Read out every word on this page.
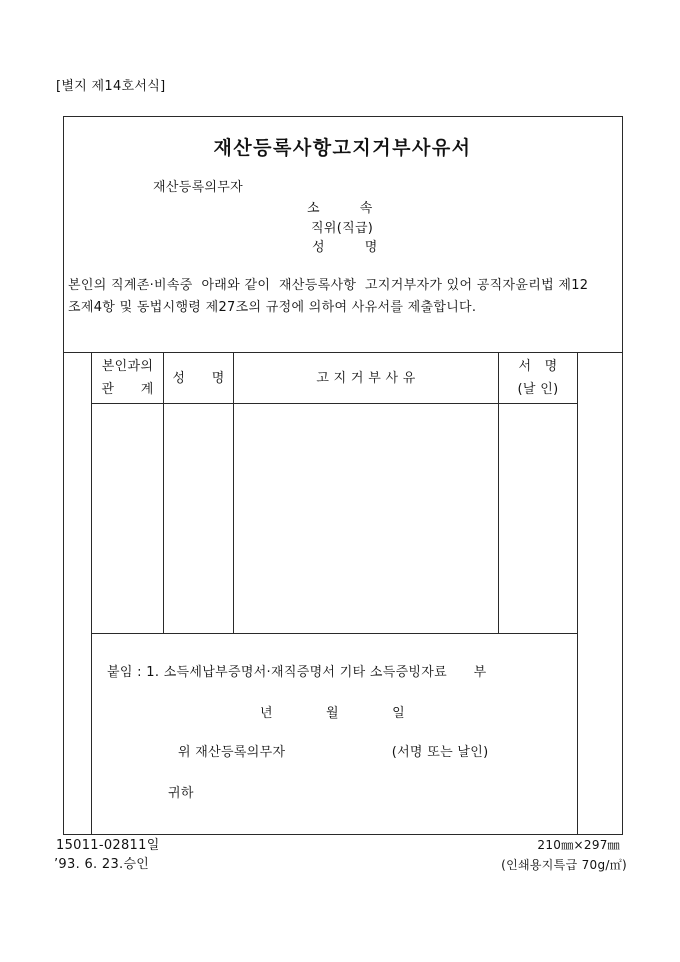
[별지 제14호서식]
재산등록사항고지거부사유서
재산등록의무자
소　　　속
직위(직급)
성　　　명
본인의 직계존·비속중  아래와 같이  재산등록사항  고지거부자가 있어 공직자윤리법 제12
조제4항 및 동법시행령 제27조의 규정에 의하여 사유서를 제출합니다.
본인과의
관　　계
성　　명	고 지 거 부 사 유
서　명
(날 인)
붙임 : 1. 소득세납부증명서·재직증명서 기타 소득증빙자료      부
년　　　　월　　　　일
위 재산등록의무자　　　　　　　　(서명 또는 날인)
귀하
15011-02811일
’93. 6. 23.승인
210㎜×297㎜
(인쇄용지특급 70g/㎡)
